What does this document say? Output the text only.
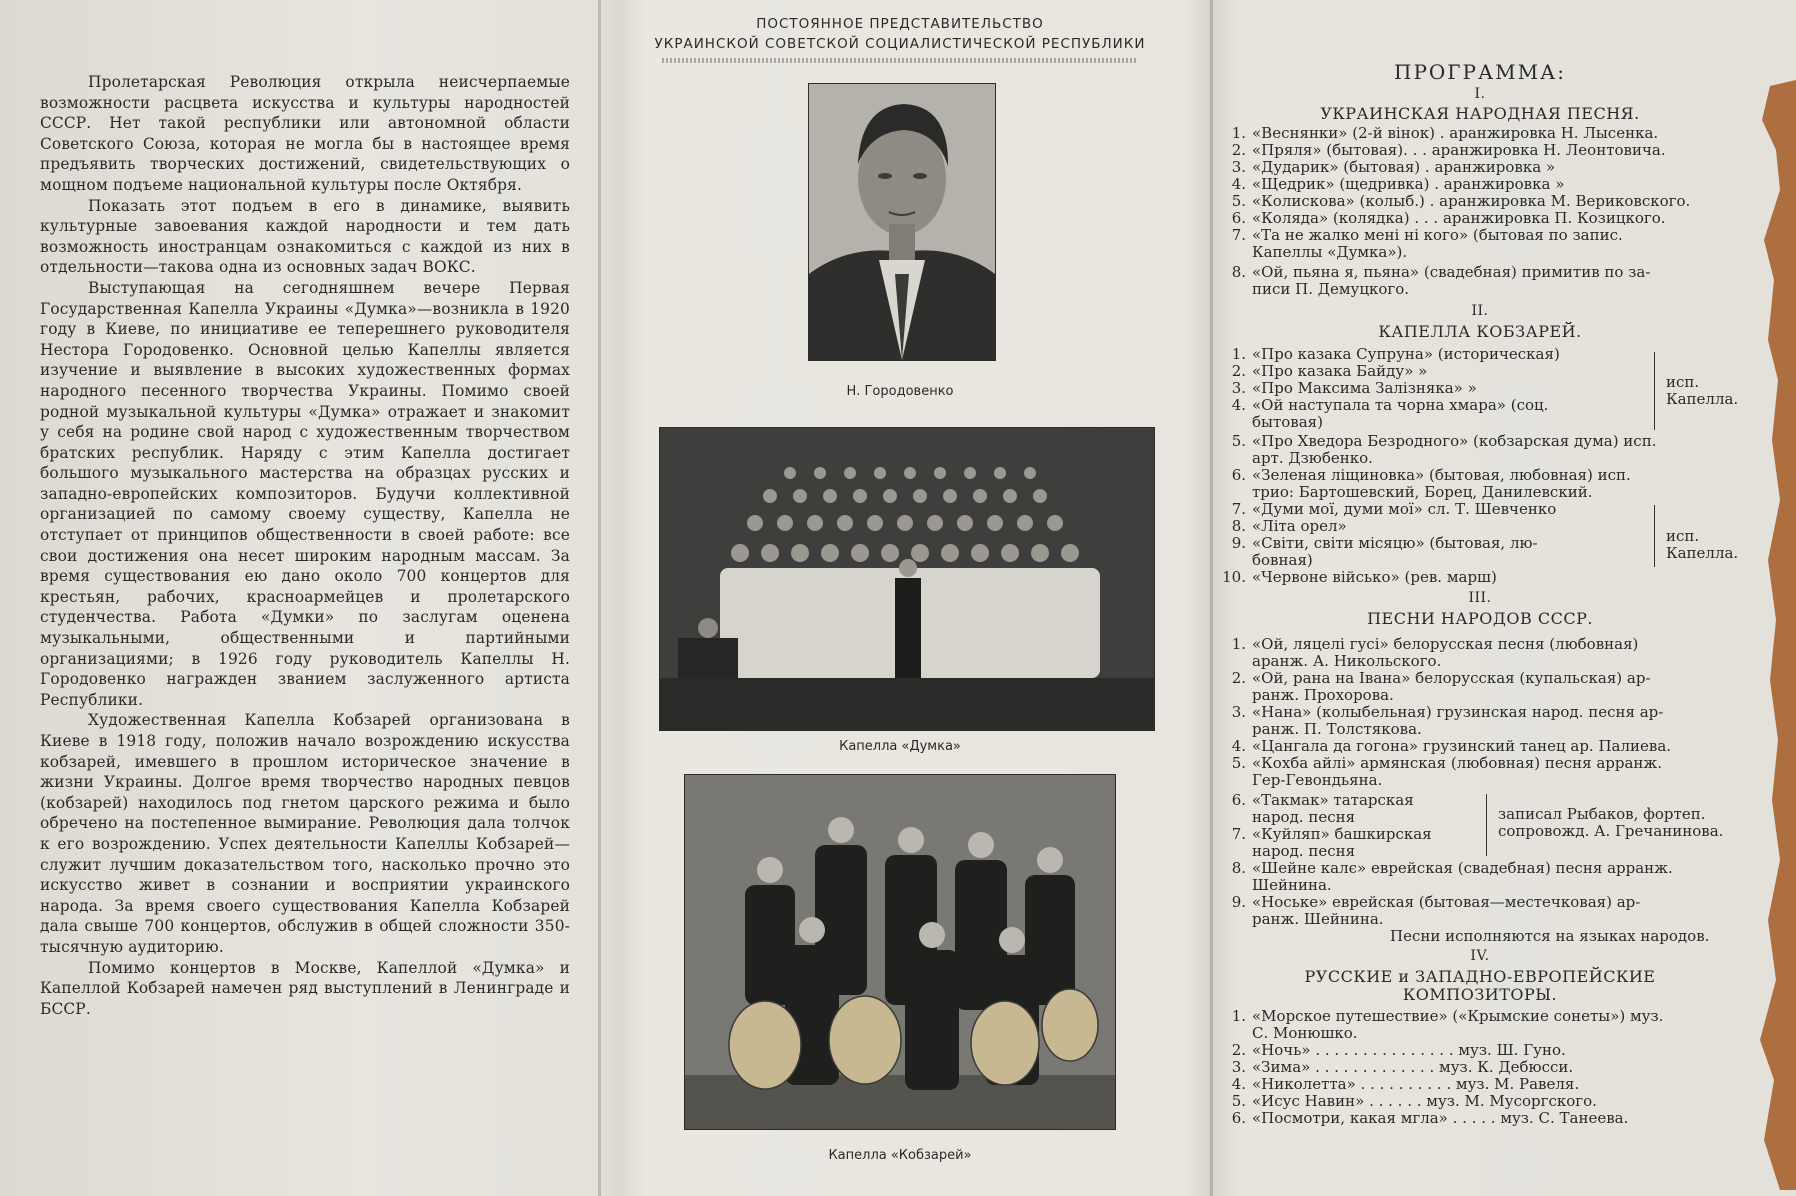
Пролетарская Революция открыла неисчерпаемые возможности расцвета искусства и культуры народностей СССР. Нет такой республики или автономной области Советского Союза, которая не могла бы в настоящее время предъявить творческих достижений, свидетельствующих о мощном подъеме национальной культуры после Октября.

Показать этот подъем в его в динамике, выявить культурные завоевания каждой народности и тем дать возможность иностранцам ознакомиться с каждой из них в отдельности—такова одна из основных задач ВОКС.

Выступающая на сегодняшнем вечере Первая Государственная Капелла Украины «Думка»—возникла в 1920 году в Киеве, по инициативе ее теперешнего руководителя Нестора Городовенко. Основной целью Капеллы является изучение и выявление в высоких художественных формах народного песенного творчества Украины. Помимо своей родной музыкальной культуры «Думка» отражает и знакомит у себя на родине свой народ с художественным творчеством братских республик. Наряду с этим Капелла достигает большого музыкального мастерства на образцах русских и западно-европейских композиторов. Будучи коллективной организацией по самому своему существу, Капелла не отступает от принципов общественности в своей работе: все свои достижения она несет широким народным массам. За время существования ею дано около 700 концертов для крестьян, рабочих, красноармейцев и пролетарского студенчества. Работа «Думки» по заслугам оценена музыкальными, общественными и партийными организациями; в 1926 году руководитель Капеллы Н. Городовенко награжден званием заслуженного артиста Республики.

Художественная Капелла Кобзарей организована в Киеве в 1918 году, положив начало возрождению искусства кобзарей, имевшего в прошлом историческое значение в жизни Украины. Долгое время творчество народных певцов (кобзарей) находилось под гнетом царского режима и было обречено на постепенное вымирание. Революция дала толчок к его возрождению. Успех деятельности Капеллы Кобзарей—служит лучшим доказательством того, насколько прочно это искусство живет в сознании и восприятии украинского народа. За время своего существования Капелла Кобзарей дала свыше 700 концертов, обслужив в общей сложности 350-тысячную аудиторию.

Помимо концертов в Москве, Капеллой «Думка» и Капеллой Кобзарей намечен ряд выступлений в Ленинграде и БССР.

ПОСТОЯННОЕ ПРЕДСТАВИТЕЛЬСТВО
УКРАИНСКОЙ СОВЕТСКОЙ СОЦИАЛИСТИЧЕСКОЙ РЕСПУБЛИКИ
Н. Городовенко
Капелла «Думка»
Капелла «Кобзарей»
ПРОГРАММА:
I.
УКРАИНСКАЯ НАРОДНАЯ ПЕСНЯ.
1. «Веснянки» (2-й вінок) . аранжировка Н. Лысенка.
2. «Пряля» (бытовая). . . аранжировка Н. Леонтовича.
3. «Дударик» (бытовая) . аранжировка »
4. «Щедрик» (щедривка) . аранжировка »
5. «Колискова» (колыб.) . аранжировка М. Вериковского.
6. «Коляда» (колядка) . . . аранжировка П. Козицкого.
7. «Та не жалко мені ні кого» (бытовая по запис.
Капеллы «Думка»).
8. «Ой, пьяна я, пьяна» (свадебная) примитив по за-
писи П. Демуцкого.
II.
КАПЕЛЛА КОБЗАРЕЙ.
1. «Про казака Супруна» (историческая)
2. «Про казака Байду» »
3. «Про Максима Залізняка» »
4. «Ой наступала та чорна хмара» (соц.
бытовая)
исп.
Капелла.
5. «Про Хведора Безродного» (кобзарская дума) исп.
арт. Дзюбенко.
6. «Зеленая ліщиновка» (бытовая, любовная) исп.
трио: Бартошевский, Борец, Данилевский.
7. «Думи мої, думи мої» сл. Т. Шевченко
8. «Літа орел»
9. «Світи, світи місяцю» (бытовая, лю-
бовная)
10. «Червоне військо» (рев. марш)
исп.
Капелла.
III.
ПЕСНИ НАРОДОВ СССР.
1. «Ой, ляцелі гусі» белорусская песня (любовная)
аранж. А. Никольского.
2. «Ой, рана на Івана» белорусская (купальская) ар-
ранж. Прохорова.
3. «Нана» (колыбельная) грузинская народ. песня ар-
ранж. П. Толстякова.
4. «Цангала да гогона» грузинский танец ар. Палиева.
5. «Кохба айлі» армянская (любовная) песня арранж.
Гер-Гевондьяна.
6. «Такмак» татарская
народ. песня
7. «Куйляп» башкирская
народ. песня
записал Рыбаков, фортеп.
сопровожд. А. Гречанинова.
8. «Шейне калє» еврейская (свадебная) песня арранж.
Шейнина.
9. «Ноське» еврейская (бытовая—местечковая) ар-
ранж. Шейнина.
Песни исполняются на языках народов.
IV.
РУССКИЕ и ЗАПАДНО-ЕВРОПЕЙСКИЕ
КОМПОЗИТОРЫ.
1. «Морское путешествие» («Крымские сонеты») муз.
С. Монюшко.
2. «Ночь» . . . . . . . . . . . . . . . муз. Ш. Гуно.
3. «Зима» . . . . . . . . . . . . . муз. К. Дебюсси.
4. «Николетта» . . . . . . . . . . муз. М. Равеля.
5. «Исус Навин» . . . . . . муз. М. Мусоргского.
6. «Посмотри, какая мгла» . . . . . муз. С. Танеева.
